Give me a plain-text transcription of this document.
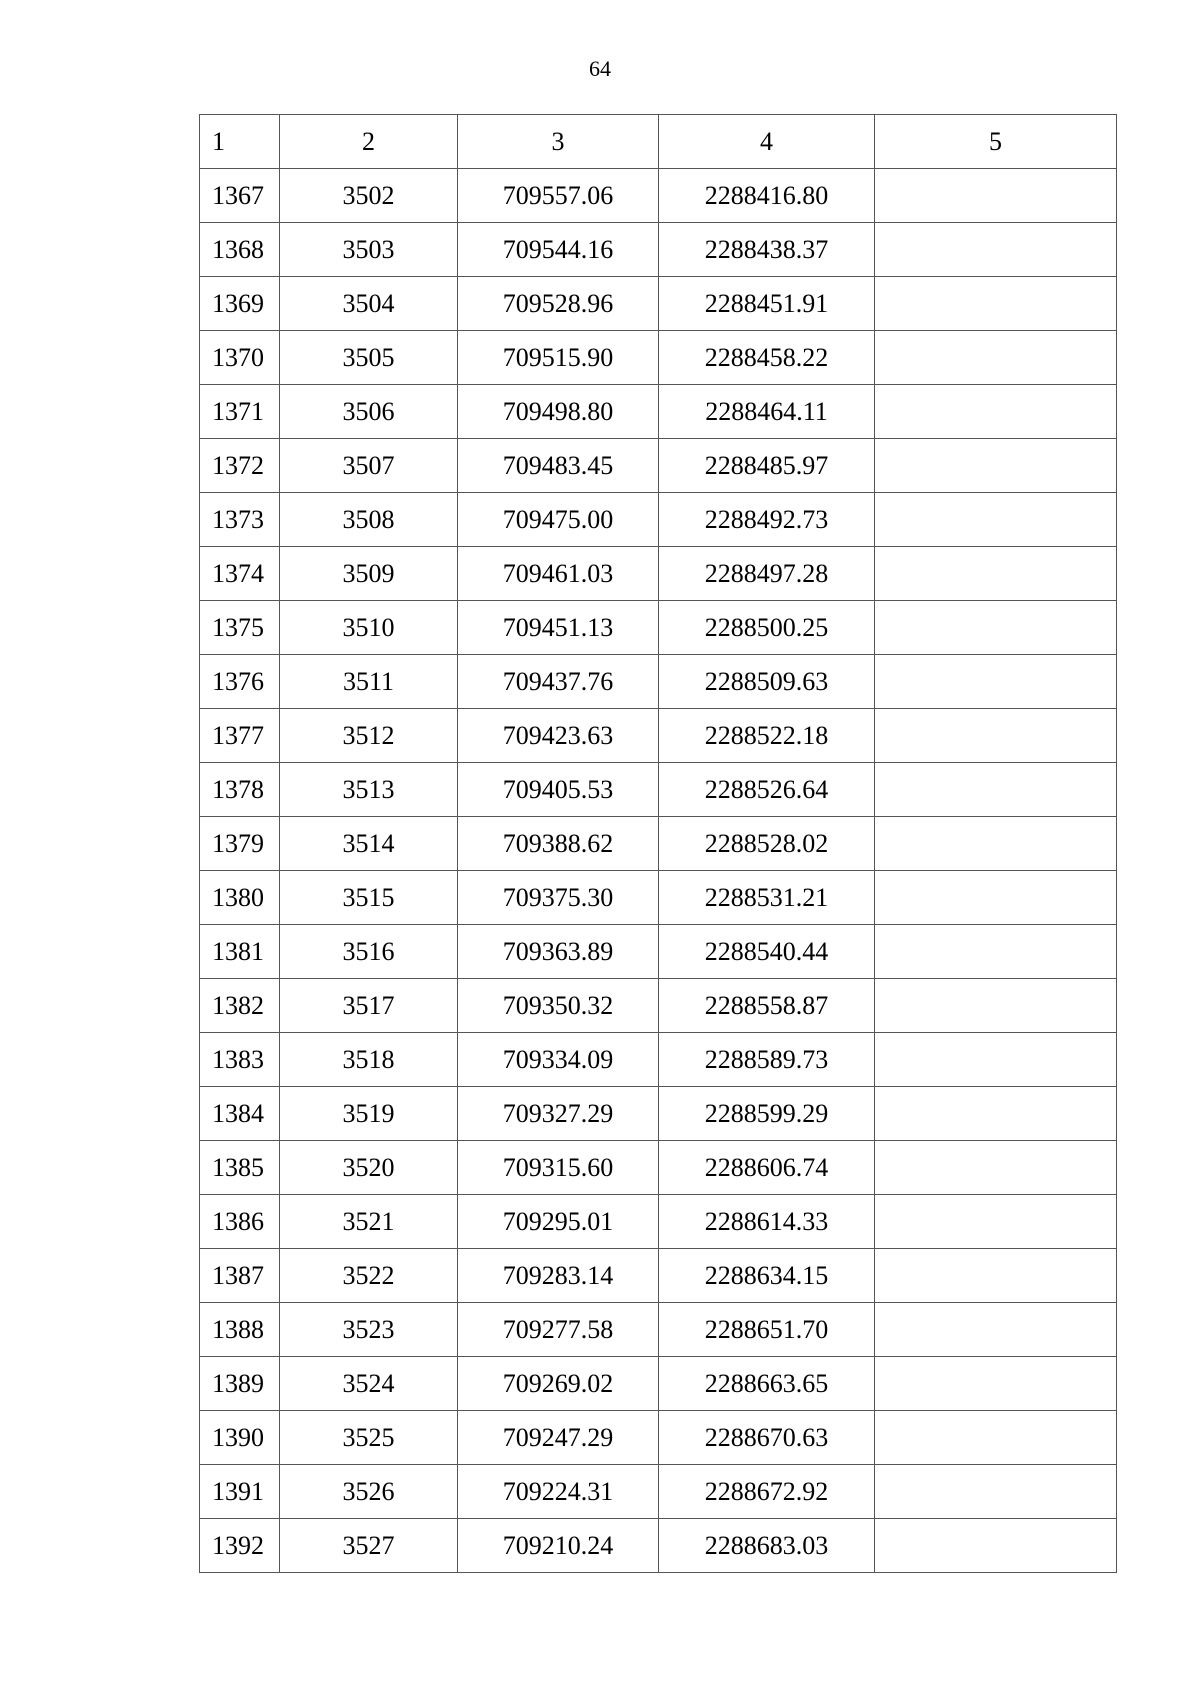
64
1	2	3	4	5
1367	3502	709557.06	2288416.80	
1368	3503	709544.16	2288438.37	
1369	3504	709528.96	2288451.91	
1370	3505	709515.90	2288458.22	
1371	3506	709498.80	2288464.11	
1372	3507	709483.45	2288485.97	
1373	3508	709475.00	2288492.73	
1374	3509	709461.03	2288497.28	
1375	3510	709451.13	2288500.25	
1376	3511	709437.76	2288509.63	
1377	3512	709423.63	2288522.18	
1378	3513	709405.53	2288526.64	
1379	3514	709388.62	2288528.02	
1380	3515	709375.30	2288531.21	
1381	3516	709363.89	2288540.44	
1382	3517	709350.32	2288558.87	
1383	3518	709334.09	2288589.73	
1384	3519	709327.29	2288599.29	
1385	3520	709315.60	2288606.74	
1386	3521	709295.01	2288614.33	
1387	3522	709283.14	2288634.15	
1388	3523	709277.58	2288651.70	
1389	3524	709269.02	2288663.65	
1390	3525	709247.29	2288670.63	
1391	3526	709224.31	2288672.92	
1392	3527	709210.24	2288683.03	
